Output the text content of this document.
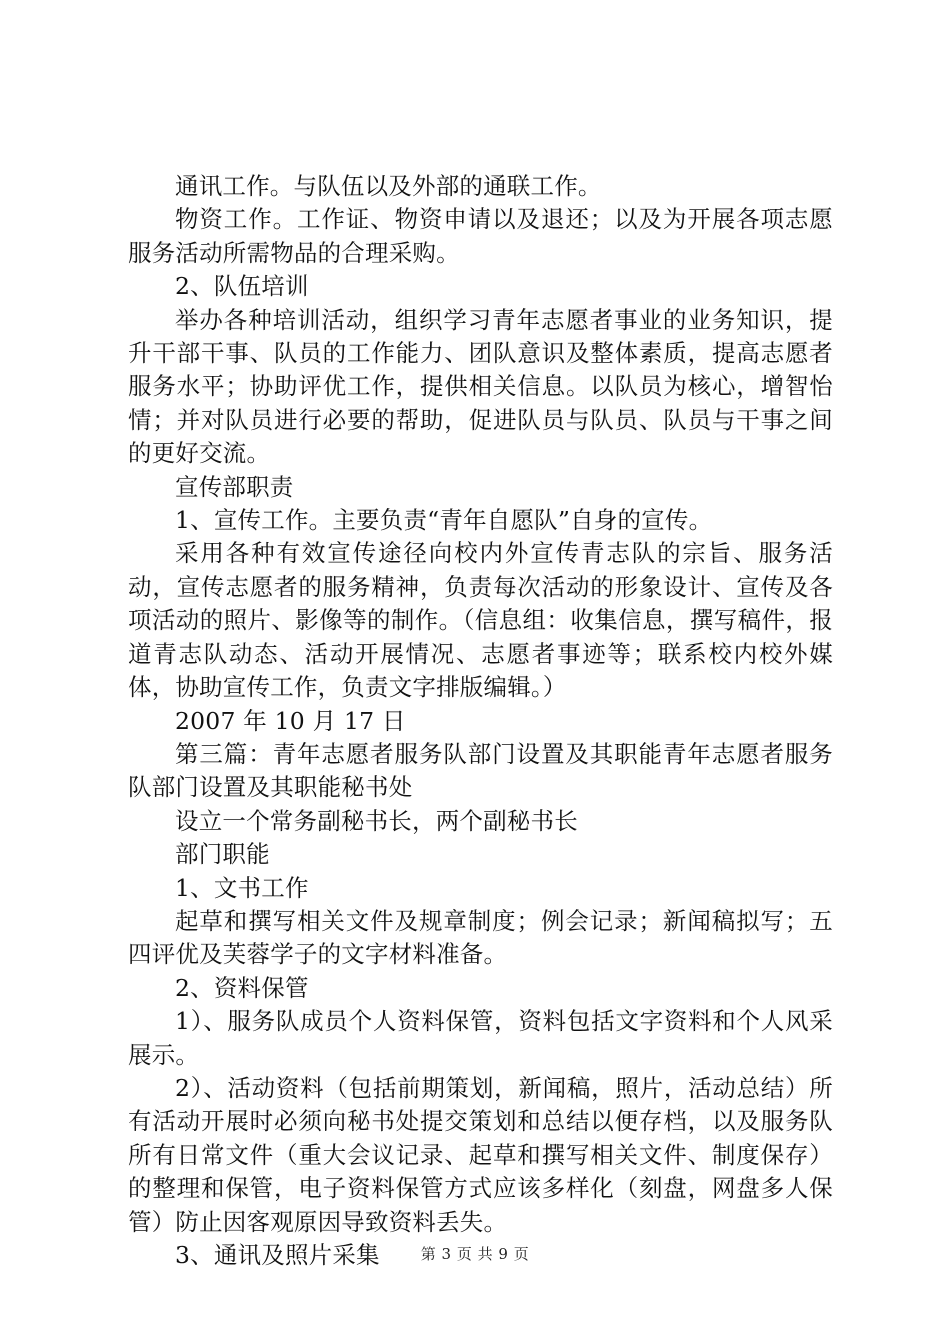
通讯工作。与队伍以及外部的通联工作。

物资工作。工作证、物资申请以及退还；以及为开展各项志愿服务活动所需物品的合理采购。

2、队伍培训

举办各种培训活动，组织学习青年志愿者事业的业务知识，提升干部干事、队员的工作能力、团队意识及整体素质，提高志愿者服务水平；协助评优工作，提供相关信息。以队员为核心，增智怡情；并对队员进行必要的帮助，促进队员与队员、队员与干事之间的更好交流。

宣传部职责

1、宣传工作。主要负责“青年自愿队”自身的宣传。

采用各种有效宣传途径向校内外宣传青志队的宗旨、服务活动，宣传志愿者的服务精神，负责每次活动的形象设计、宣传及各项活动的照片、影像等的制作。（信息组：收集信息，撰写稿件，报道青志队动态、活动开展情况、志愿者事迹等；联系校内校外媒体，协助宣传工作，负责文字排版编辑。）

2007 年 10 月 17 日

第三篇：青年志愿者服务队部门设置及其职能青年志愿者服务队部门设置及其职能秘书处

设立一个常务副秘书长，两个副秘书长

部门职能

1、文书工作

起草和撰写相关文件及规章制度；例会记录；新闻稿拟写；五四评优及芙蓉学子的文字材料准备。

2、资料保管

1）、服务队成员个人资料保管，资料包括文字资料和个人风采展示。

2）、活动资料（包括前期策划，新闻稿，照片，活动总结）所有活动开展时必须向秘书处提交策划和总结以便存档，以及服务队所有日常文件（重大会议记录、起草和撰写相关文件、制度保存）的整理和保管，电子资料保管方式应该多样化（刻盘，网盘多人保管）防止因客观原因导致资料丢失。

3、通讯及照片采集	第 3 页 共 9 页
